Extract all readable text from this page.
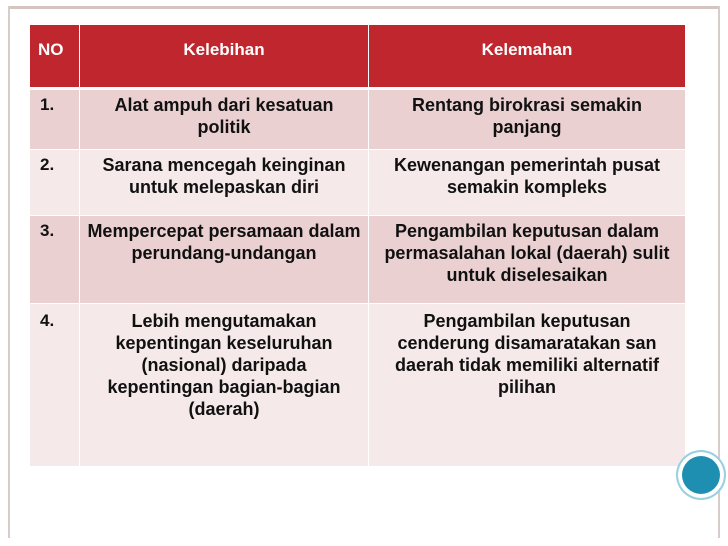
NO	Kelebihan	Kelemahan
1.	Alat ampuh dari kesatuan politik	Rentang birokrasi semakin panjang
2.	Sarana mencegah keinginan untuk melepaskan diri	Kewenangan pemerintah pusat semakin kompleks
3.	Mempercepat persamaan dalam perundang-undangan	Pengambilan keputusan dalam permasalahan lokal (daerah) sulit untuk diselesaikan
4.	Lebih mengutamakan kepentingan keseluruhan (nasional) daripada kepentingan bagian-bagian (daerah)	Pengambilan keputusan cenderung disamaratakan san daerah tidak memiliki alternatif pilihan
